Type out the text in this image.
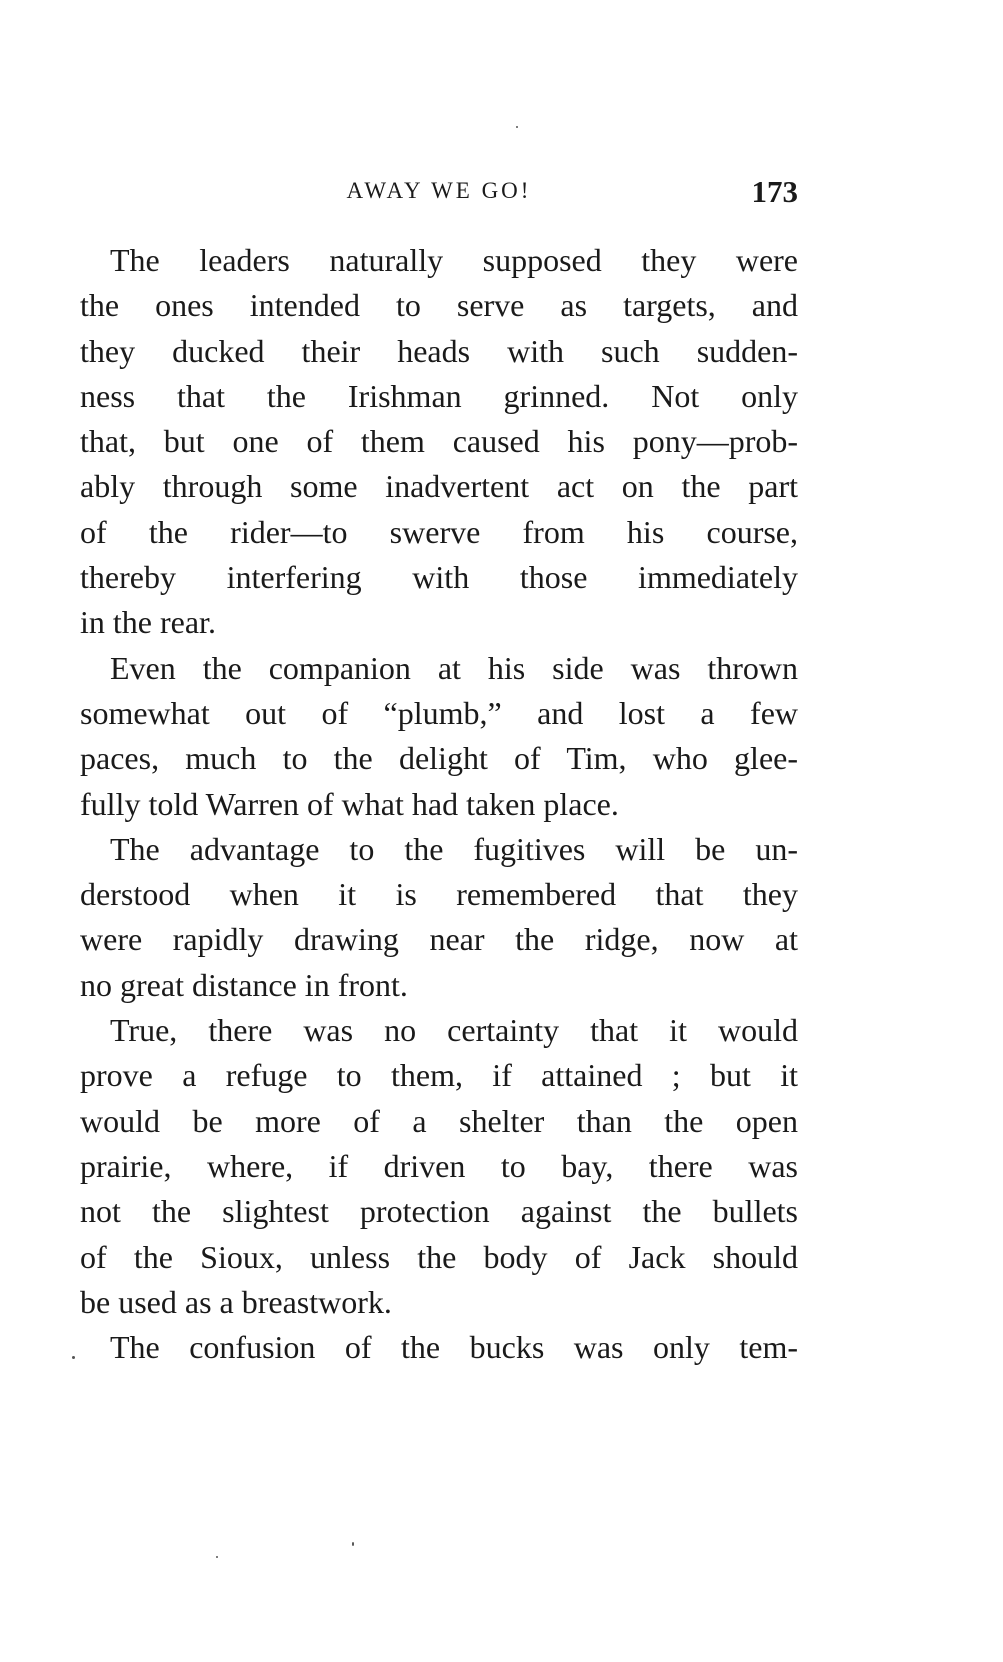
AWAY WE GO!	173
The leaders naturally supposed they were
the ones intended to serve as targets, and
they ducked their heads with such sudden-
ness that the Irishman grinned. Not only
that, but one of them caused his pony—prob-
ably through some inadvertent act on the part
of the rider—to swerve from his course,
thereby interfering with those immediately
in the rear.
Even the companion at his side was thrown
somewhat out of “plumb,” and lost a few
paces, much to the delight of Tim, who glee-
fully told Warren of what had taken place.
The advantage to the fugitives will be un-
derstood when it is remembered that they
were rapidly drawing near the ridge, now at
no great distance in front.
True, there was no certainty that it would
prove a refuge to them, if attained ; but it
would be more of a shelter than the open
prairie, where, if driven to bay, there was
not the slightest protection against the bullets
of the Sioux, unless the body of Jack should
be used as a breastwork.
The confusion of the bucks was only tem-
